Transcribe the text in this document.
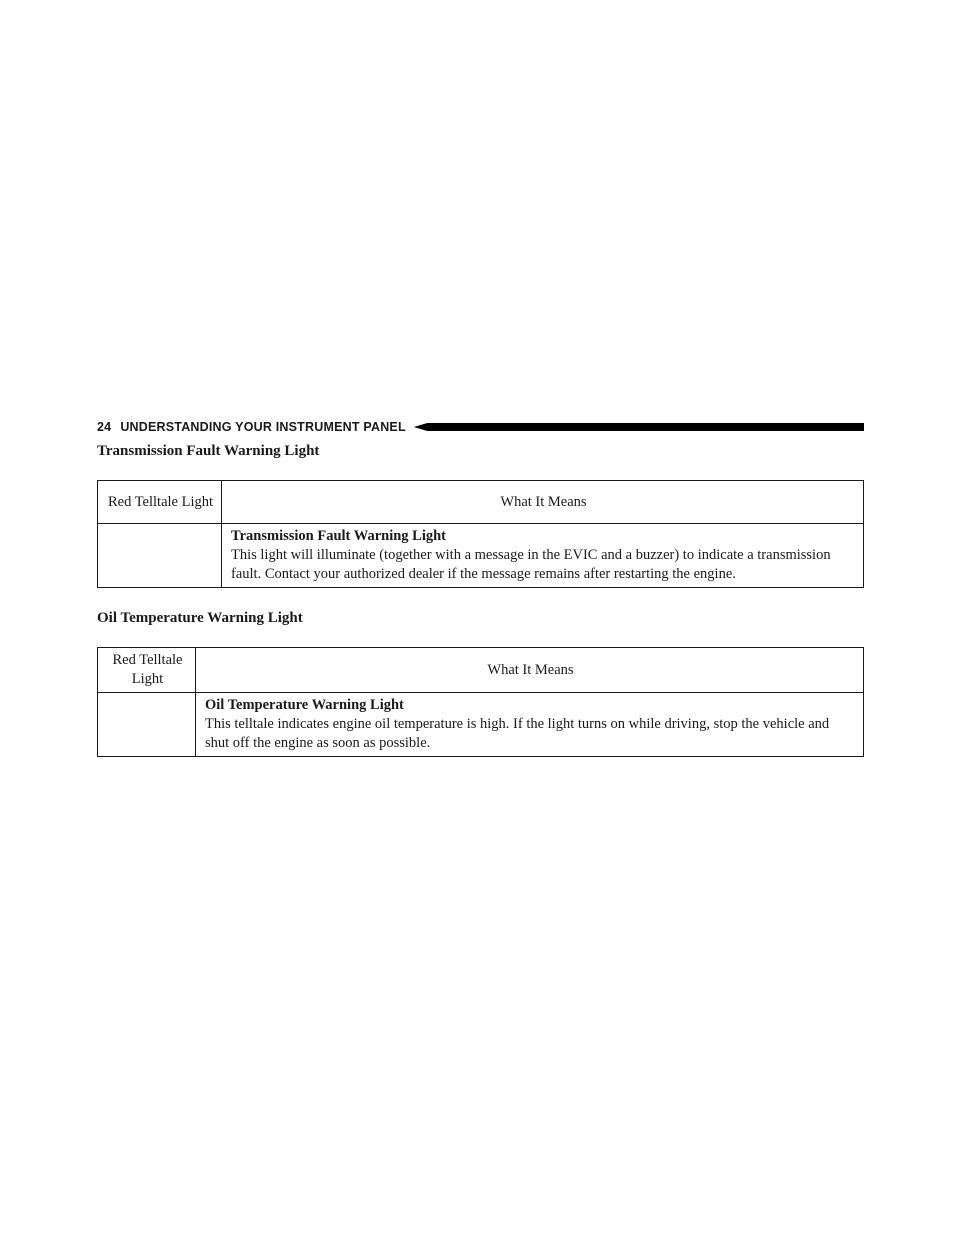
24 UNDERSTANDING YOUR INSTRUMENT PANEL
Transmission Fault Warning Light
Red Telltale Light	What It Means

	Transmission Fault Warning Light
This light will illuminate (together with a message in the EVIC and a buzzer) to indicate a transmission fault. Contact your authorized dealer if the message remains after restarting the engine.
Oil Temperature Warning Light
Red Telltale Light	What It Means

	Oil Temperature Warning Light
This telltale indicates engine oil temperature is high. If the light turns on while driving, stop the vehicle and shut off the engine as soon as possible.
